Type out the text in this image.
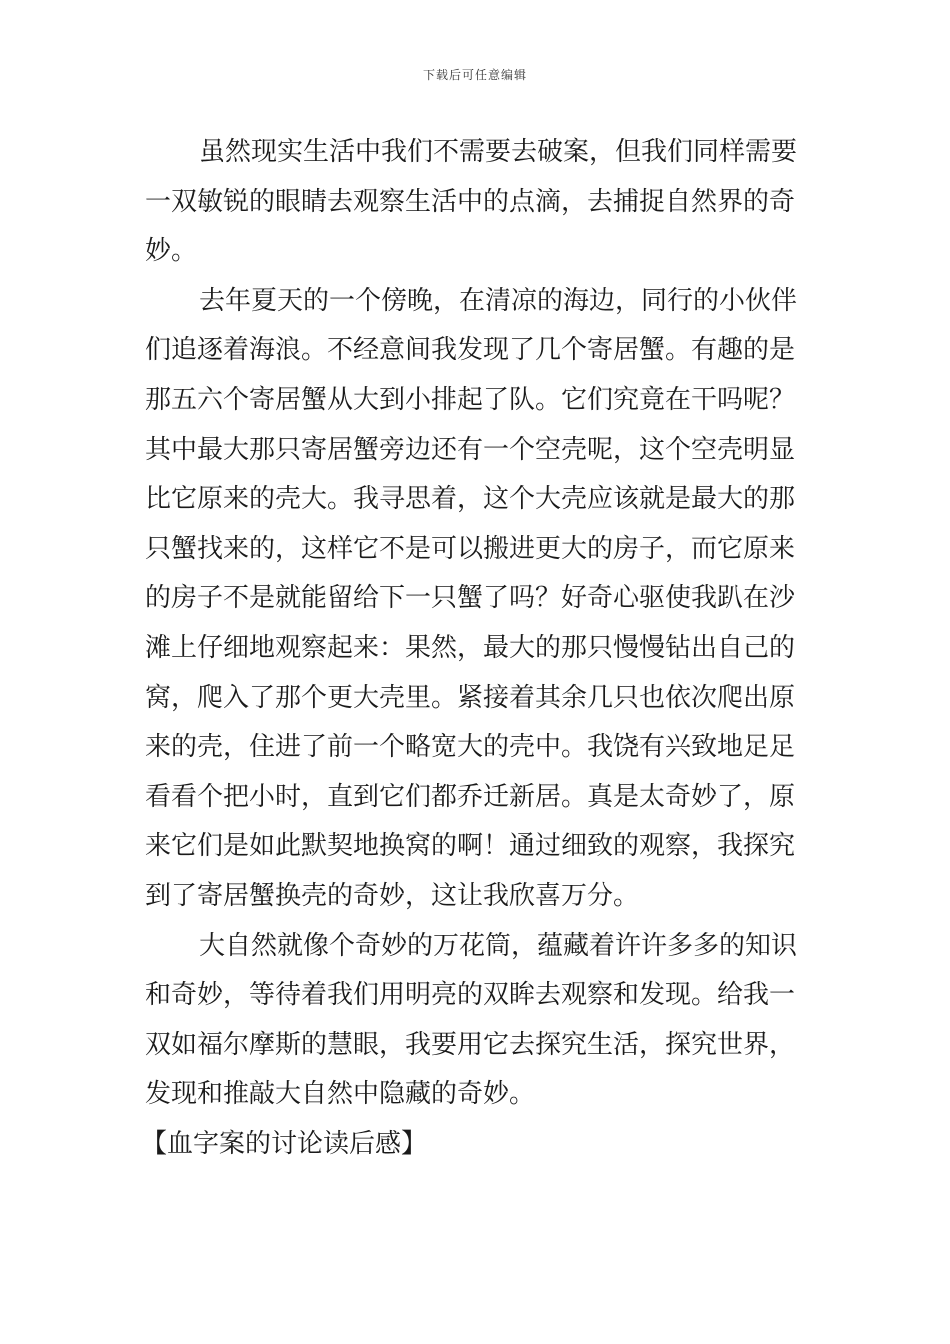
下载后可任意编辑
虽然现实生活中我们不需要去破案，但我们同样需要
一双敏锐的眼睛去观察生活中的点滴，去捕捉自然界的奇
妙。
去年夏天的一个傍晚，在清凉的海边，同行的小伙伴
们追逐着海浪。不经意间我发现了几个寄居蟹。有趣的是
那五六个寄居蟹从大到小排起了队。它们究竟在干吗呢？
其中最大那只寄居蟹旁边还有一个空壳呢，这个空壳明显
比它原来的壳大。我寻思着，这个大壳应该就是最大的那
只蟹找来的，这样它不是可以搬进更大的房子，而它原来
的房子不是就能留给下一只蟹了吗？好奇心驱使我趴在沙
滩上仔细地观察起来：果然，最大的那只慢慢钻出自己的
窝，爬入了那个更大壳里。紧接着其余几只也依次爬出原
来的壳，住进了前一个略宽大的壳中。我饶有兴致地足足
看看个把小时，直到它们都乔迁新居。真是太奇妙了，原
来它们是如此默契地换窝的啊！通过细致的观察，我探究
到了寄居蟹换壳的奇妙，这让我欣喜万分。
大自然就像个奇妙的万花筒，蕴藏着许许多多的知识
和奇妙，等待着我们用明亮的双眸去观察和发现。给我一
双如福尔摩斯的慧眼，我要用它去探究生活，探究世界，
发现和推敲大自然中隐藏的奇妙。
【血字案的讨论读后感】
